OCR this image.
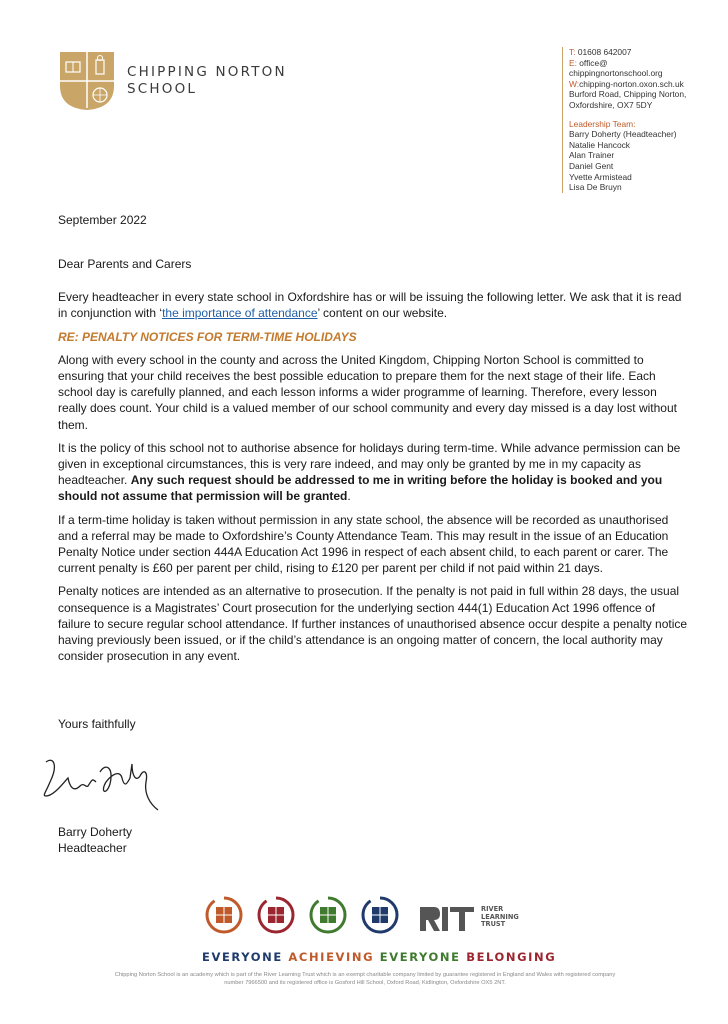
CHIPPING NORTON
SCHOOL
T: 01608 642007
E: office@
chippingnortonschool.org
W:chipping-norton.oxon.sch.uk
Burford Road, Chipping Norton,
Oxfordshire, OX7 5DY
Leadership Team:
Barry Doherty (Headteacher)
Natalie Hancock
Alan Trainer
Daniel Gent
Yvette Armistead
Lisa De Bruyn
September 2022

Dear Parents and Carers

Every headteacher in every state school in Oxfordshire has or will be issuing the following letter. We ask that it is read in conjunction with ‘the importance of attendance’ content on our website.

RE: PENALTY NOTICES FOR TERM-TIME HOLIDAYS

Along with every school in the county and across the United Kingdom, Chipping Norton School is committed to ensuring that your child receives the best possible education to prepare them for the next stage of their life. Each school day is carefully planned, and each lesson informs a wider programme of learning. Therefore, every lesson really does count. Your child is a valued member of our school community and every day missed is a day lost without them.

It is the policy of this school not to authorise absence for holidays during term-time. While advance permission can be given in exceptional circumstances, this is very rare indeed, and may only be granted by me in my capacity as headteacher. Any such request should be addressed to me in writing before the holiday is booked and you should not assume that permission will be granted.

If a term-time holiday is taken without permission in any state school, the absence will be recorded as unauthorised and a referral may be made to Oxfordshire’s County Attendance Team. This may result in the issue of an Education Penalty Notice under section 444A Education Act 1996 in respect of each absent child, to each parent or carer. The current penalty is £60 per parent per child, rising to £120 per parent per child if not paid within 21 days.

Penalty notices are intended as an alternative to prosecution. If the penalty is not paid in full within 28 days, the usual consequence is a Magistrates’ Court prosecution for the underlying section 444(1) Education Act 1996 offence of failure to secure regular school attendance. If further instances of unauthorised absence occur despite a penalty notice having previously been issued, or if the child’s attendance is an ongoing matter of concern, the local authority may consider prosecution in any event.

Yours faithfully
Barry Doherty
Headteacher
RIVER
LEARNING
TRUST
EVERYONE ACHIEVING EVERYONE BELONGING
Chipping Norton School is an academy which is part of the River Learning Trust which is an exempt charitable company limited by guarantee registered in England and Wales with registered company number 7966500 and its registered office is Gosford Hill School, Oxford Road, Kidlington, Oxfordshire OX5 2NT.
